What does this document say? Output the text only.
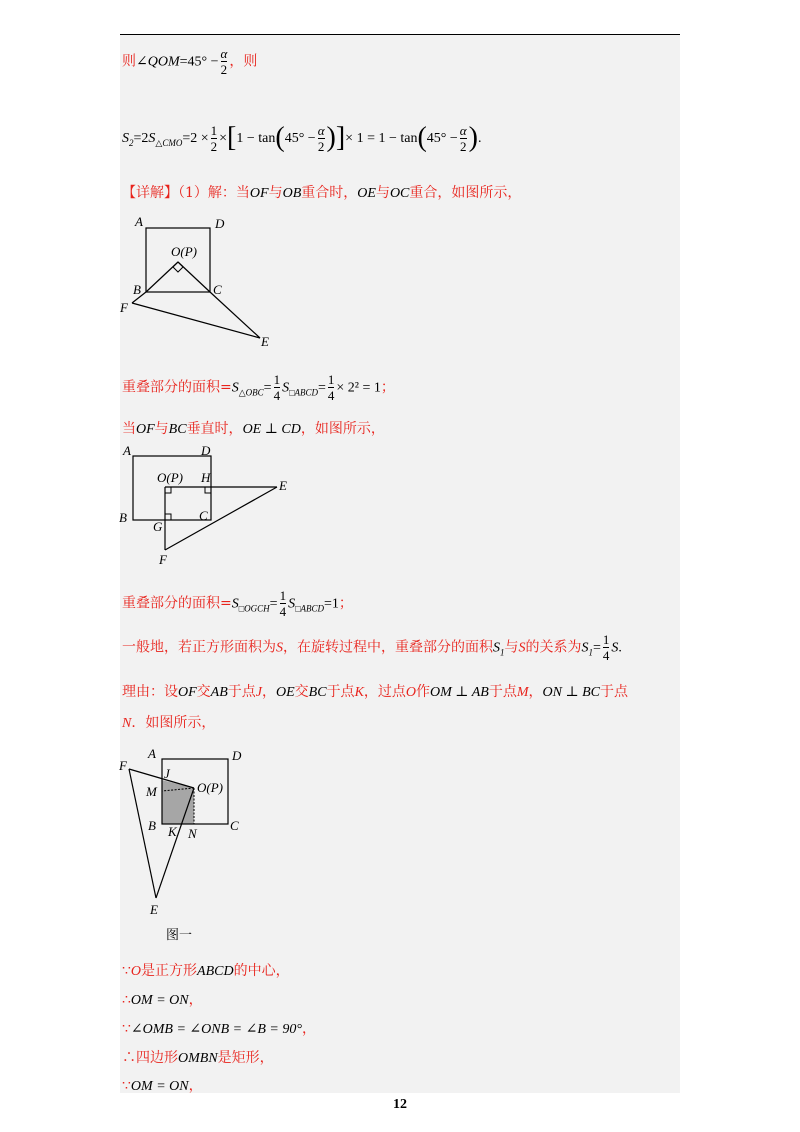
则∠QOM=45° − $\frac{\alpha}{2}$ ，则
$S_2=2S_{\triangle CMO}=2 \times \frac{1}{2} \times[1 - \tan(45^\circ - \frac{\alpha}{2}$ )]× $1 = 1 - \tan(45^\circ - \frac{\alpha}{2}$ ).
【详解】（1）解：当OF与OB重合时，OE与OC重合，如图所示，
A	D
O(P)
B	C
F
E
重叠部分的面积$=S_{\triangle OBC}= \frac{1}{4} S_{□ABCD}= \frac{1}{4} \times 2^2 = 1$；
当OF与BC垂直时，OE ⊥ CD，如图所示，
A	D
O(P) H
E
B
G
C
F
重叠部分的面积$=S_{□OGCH}= \frac{1}{4} S_{□ABCD}=1$；
一般地，若正方形面积为S，在旋转过程中，重叠部分的面积$S_1$与S的关系为$S_1= \frac{1}{4} S$.
理由：设OF交AB于点J，OE交BC于点K，过点O作OM ⊥ AB于点M，ON ⊥ BC于点
N．如图所示，
A	D
F
J
M	O(P)
B K N
C
E
图一
∵O是正方形ABCD的中心，
∴OM = ON，
∵∠OMB = ∠ONB = ∠B = 90°，
∴四边形OMBN是矩形，
∵OM = ON，
12
